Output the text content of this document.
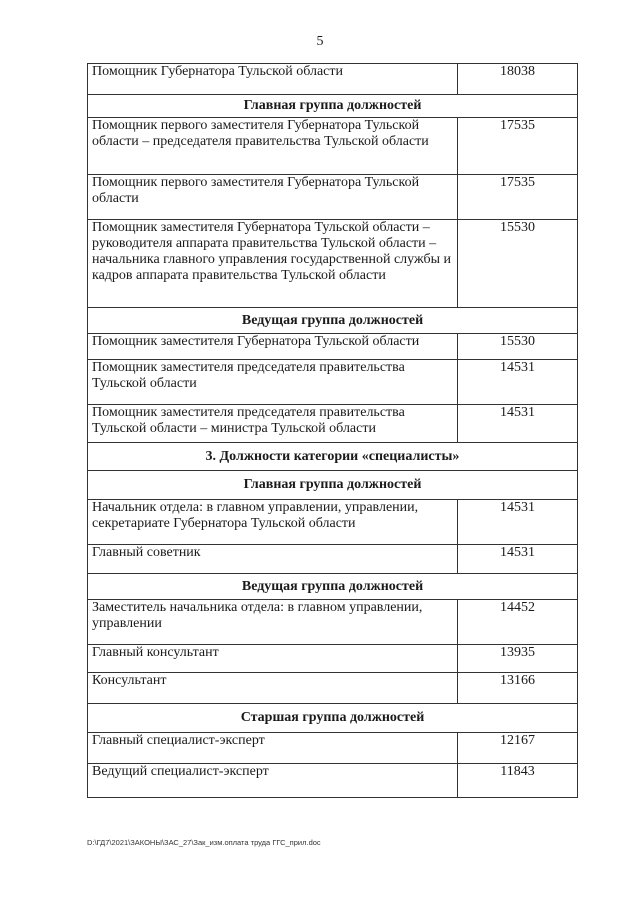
5
Помощник Губернатора Тульской области	18038
Главная группа должностей	
Помощник первого заместителя Губернатора Тульской области – председателя правительства Тульской области	17535
Помощник первого заместителя Губернатора Тульской области	17535
Помощник заместителя Губернатора Тульской области – руководителя аппарата правительства Тульской области – начальника главного управления государственной службы и кадров аппарата правительства Тульской области	15530
Ведущая группа должностей	
Помощник заместителя Губернатора Тульской области	15530
Помощник заместителя председателя правительства Тульской области	14531
Помощник заместителя председателя правительства Тульской области – министра Тульской области	14531
3. Должности категории «специалисты»	
Главная группа должностей	
Начальник отдела: в главном управлении, управлении, секретариате Губернатора Тульской области	14531
Главный советник	14531
Ведущая группа должностей	
Заместитель начальника отдела: в главном управлении, управлении	14452
Главный консультант	13935
Консультант	13166
Старшая группа должностей	
Главный специалист-эксперт	12167
Ведущий специалист-эксперт	11843
D:\ГД7\2021\ЗАКОНЫ\ЗАС_27\Зак_изм.оплата труда ГГС_прил.doc
